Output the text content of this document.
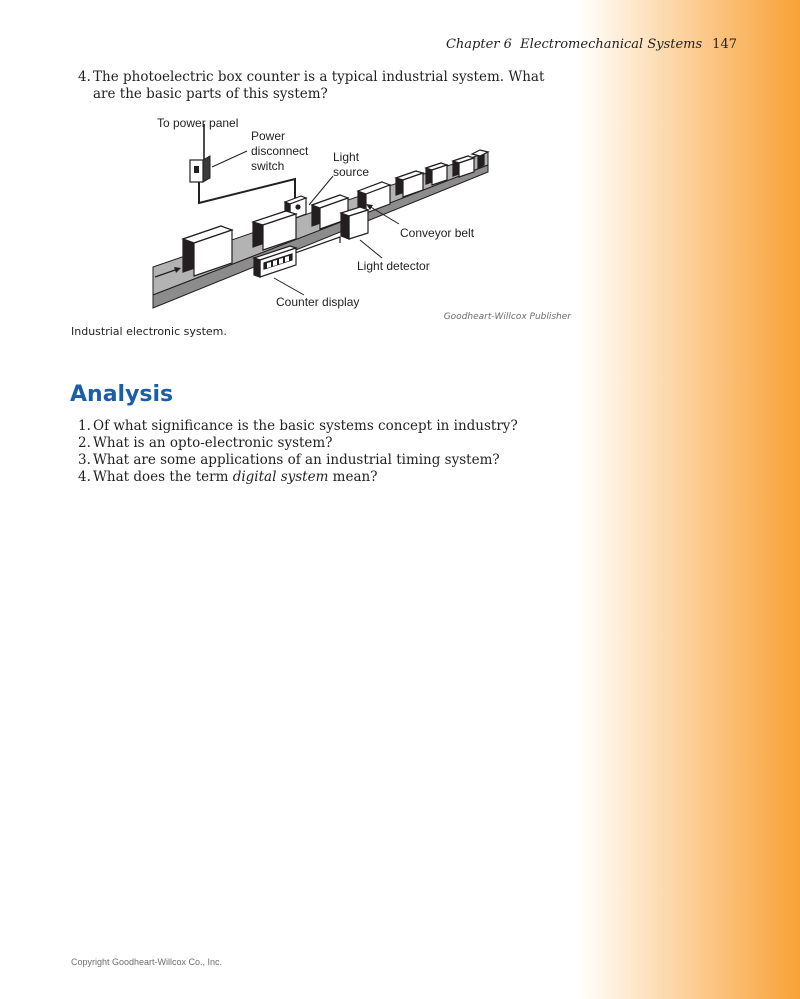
Chapter 6 Electromechanical Systems 147
4. The photoelectric box counter is a typical industrial system. What are the basic parts of this system?
To power panel
Power
disconnect
switch
Light
source
Conveyor belt
Light detector
Counter display
Goodheart-Willcox Publisher
Industrial electronic system.
Analysis
1. Of what significance is the basic systems concept in industry?
2. What is an opto-electronic system?
3. What are some applications of an industrial timing system?
4. What does the term digital system mean?
Copyright Goodheart-Willcox Co., Inc.
